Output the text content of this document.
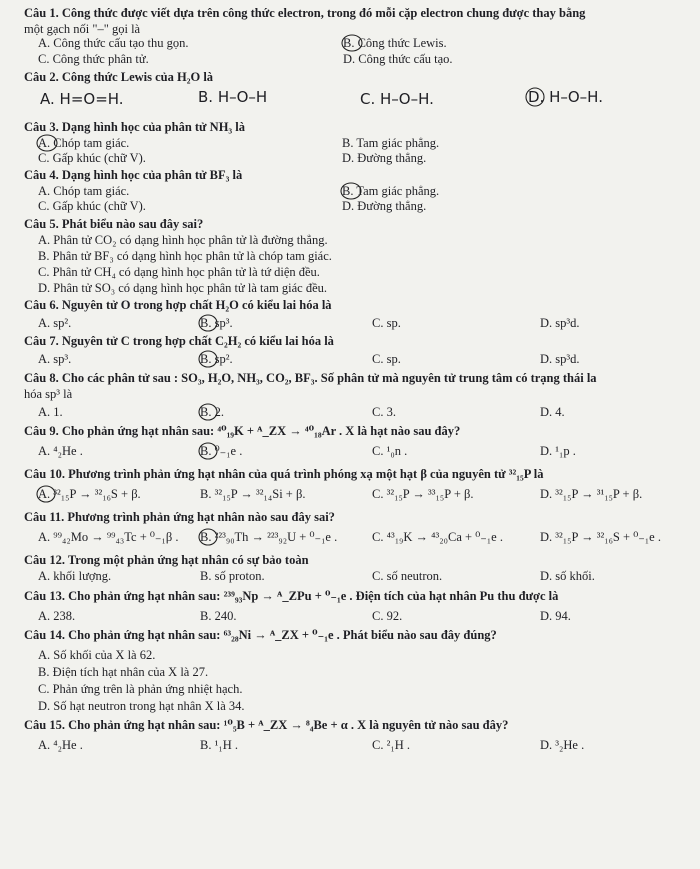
Câu 1. Công thức được viết dựa trên công thức electron, trong đó mỗi cặp electron chung được thay bằng
một gạch nối "–" gọi là
A. Công thức cấu tạo thu gọn.	B. Công thức Lewis.
C. Công thức phân tử.	D. Công thức cấu tạo.
Câu 2. Công thức Lewis của H₂O là
A. H=O=H.	B. H–O–H	C. H–O–H.	D. H–O–H.
Câu 3. Dạng hình học của phân tử NH₃ là
A. Chóp tam giác.	B. Tam giác phẳng.
C. Gấp khúc (chữ V).	D. Đường thẳng.
Câu 4. Dạng hình học của phân tử BF₃ là
A. Chóp tam giác.	B. Tam giác phẳng.
C. Gấp khúc (chữ V).	D. Đường thẳng.
Câu 5. Phát biểu nào sau đây sai?
A. Phân tử CO₂ có dạng hình học phân tử là đường thẳng.
B. Phân tử BF₃ có dạng hình học phân tử là chóp tam giác.
C. Phân tử CH₄ có dạng hình học phân tử là tứ diện đều.
D. Phân tử SO₃ có dạng hình học phân tử là tam giác đều.
Câu 6. Nguyên tử O trong hợp chất H₂O có kiểu lai hóa là
A. sp².	B. sp³.	C. sp.	D. sp³d.
Câu 7. Nguyên tử C trong hợp chất C₂H₂ có kiểu lai hóa là
A. sp³.	B. sp².	C. sp.	D. sp³d.
Câu 8. Cho các phân tử sau : SO₃, H₂O, NH₃, CO₂, BF₃. Số phân tử mà nguyên tử trung tâm có trạng thái la
hóa sp³ là
A. 1.	B. 2.	C. 3.	D. 4.
Câu 9. Cho phản ứng hạt nhân sau: ⁴⁰₁₉K + ᴬ_ZX → ⁴⁰₁₈Ar . X là hạt nào sau đây?
A. ⁴₂He .	B. ⁰₋₁e .	C. ¹₀n .	D. ¹₁p .
Câu 10. Phương trình phản ứng hạt nhân của quá trình phóng xạ một hạt β của nguyên tử ³²₁₅P là
A. ³²₁₅P → ³²₁₆S + β.	B. ³²₁₅P → ³²₁₄Si + β.	C. ³²₁₅P → ³³₁₅P + β.	D. ³²₁₅P → ³¹₁₅P + β.
Câu 11. Phương trình phản ứng hạt nhân nào sau đây sai?
A. ⁹⁹₄₂Mo → ⁹⁹₄₃Tc + ⁰₋₁β . B. ²²³₉₀Th → ²²³₉₂U + ⁰₋₁e .	C. ⁴³₁₉K → ⁴³₂₀Ca + ⁰₋₁e .	D. ³²₁₅P → ³²₁₆S + ⁰₋₁e .
Câu 12. Trong một phản ứng hạt nhân có sự bảo toàn
A. khối lượng.	B. số proton.	C. số neutron.	D. số khối.
Câu 13. Cho phản ứng hạt nhân sau: ²³⁹₉₃Np → ᴬ_ZPu + ⁰₋₁e . Điện tích của hạt nhân Pu thu được là
A. 238.	B. 240.	C. 92.	D. 94.
Câu 14. Cho phản ứng hạt nhân sau: ⁶³₂₈Ni → ᴬ_ZX + ⁰₋₁e . Phát biểu nào sau đây đúng?
A. Số khối của X là 62.
B. Điện tích hạt nhân của X là 27.
C. Phản ứng trên là phản ứng nhiệt hạch.
D. Số hạt neutron trong hạt nhân X là 34.
Câu 15. Cho phản ứng hạt nhân sau: ¹⁰₅B + ᴬ_ZX → ⁸₄Be + α . X là nguyên tử nào sau đây?
A. ⁴₂He .	B. ¹₁H .	C. ²₁H .	D. ³₂He .
